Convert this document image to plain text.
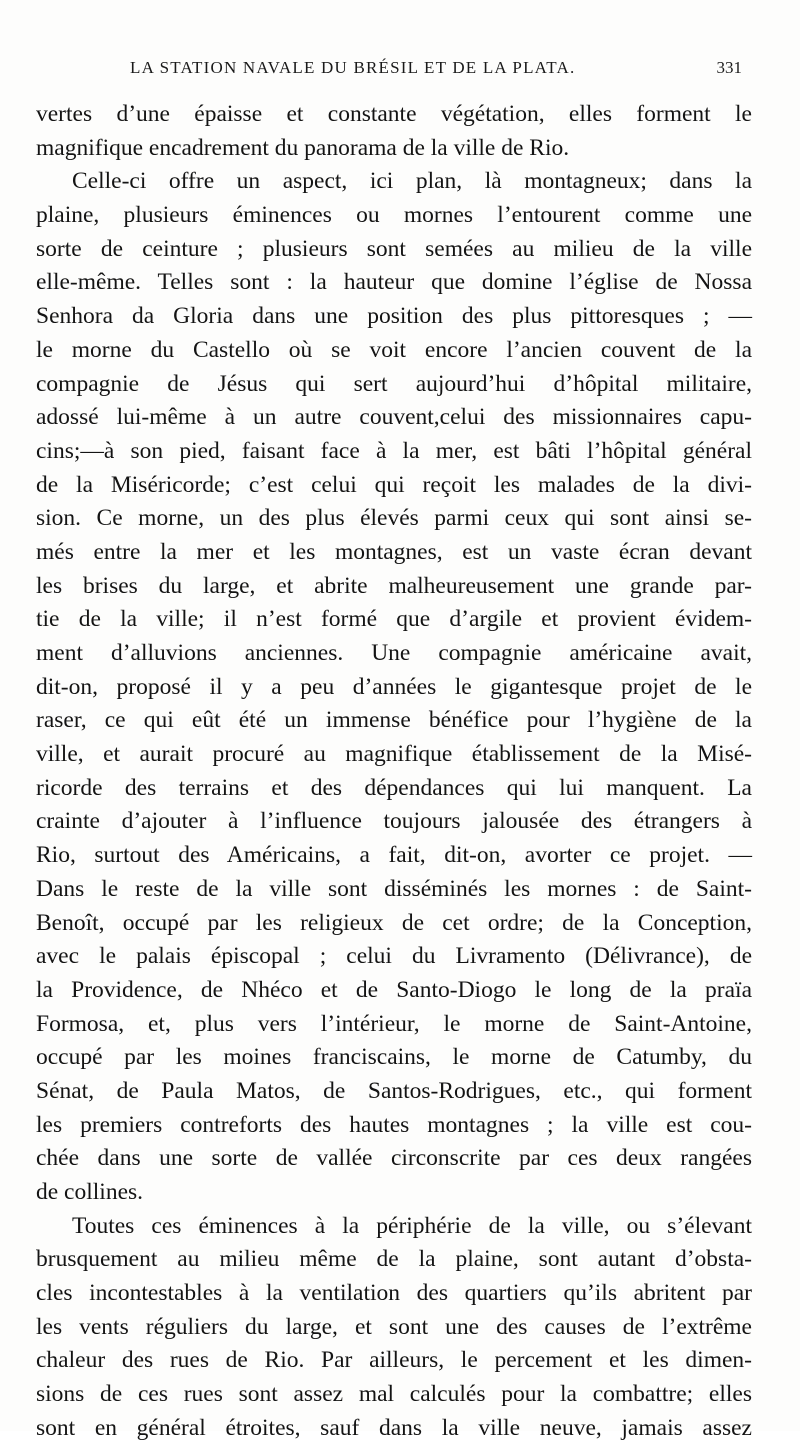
LA STATION NAVALE DU BRÉSIL ET DE LA PLATA.	331
vertes d’une épaisse et constante végétation, elles forment le
magnifique encadrement du panorama de la ville de Rio.
Celle-ci offre un aspect, ici plan, là montagneux; dans la
plaine, plusieurs éminences ou mornes l’entourent comme une
sorte de ceinture ; plusieurs sont semées au milieu de la ville
elle-même. Telles sont : la hauteur que domine l’église de Nossa
Senhora da Gloria dans une position des plus pittoresques ; —
le morne du Castello où se voit encore l’ancien couvent de la
compagnie de Jésus qui sert aujourd’hui d’hôpital militaire,
adossé lui-même à un autre couvent,celui des missionnaires capu-
cins;—à son pied, faisant face à la mer, est bâti l’hôpital général
de la Miséricorde; c’est celui qui reçoit les malades de la divi-
sion. Ce morne, un des plus élevés parmi ceux qui sont ainsi se-
més entre la mer et les montagnes, est un vaste écran devant
les brises du large, et abrite malheureusement une grande par-
tie de la ville; il n’est formé que d’argile et provient évidem-
ment d’alluvions anciennes. Une compagnie américaine avait,
dit-on, proposé il y a peu d’années le gigantesque projet de le
raser, ce qui eût été un immense bénéfice pour l’hygiène de la
ville, et aurait procuré au magnifique établissement de la Misé-
ricorde des terrains et des dépendances qui lui manquent. La
crainte d’ajouter à l’influence toujours jalousée des étrangers à
Rio, surtout des Américains, a fait, dit-on, avorter ce projet. —
Dans le reste de la ville sont disséminés les mornes : de Saint-
Benoît, occupé par les religieux de cet ordre; de la Conception,
avec le palais épiscopal ; celui du Livramento (Délivrance), de
la Providence, de Nhéco et de Santo-Diogo le long de la praïa
Formosa, et, plus vers l’intérieur, le morne de Saint-Antoine,
occupé par les moines franciscains, le morne de Catumby, du
Sénat, de Paula Matos, de Santos-Rodrigues, etc., qui forment
les premiers contreforts des hautes montagnes ; la ville est cou-
chée dans une sorte de vallée circonscrite par ces deux rangées
de collines.
Toutes ces éminences à la périphérie de la ville, ou s’élevant
brusquement au milieu même de la plaine, sont autant d’obsta-
cles incontestables à la ventilation des quartiers qu’ils abritent par
les vents réguliers du large, et sont une des causes de l’extrême
chaleur des rues de Rio. Par ailleurs, le percement et les dimen-
sions de ces rues sont assez mal calculés pour la combattre; elles
sont en général étroites, sauf dans la ville neuve, jamais assez
